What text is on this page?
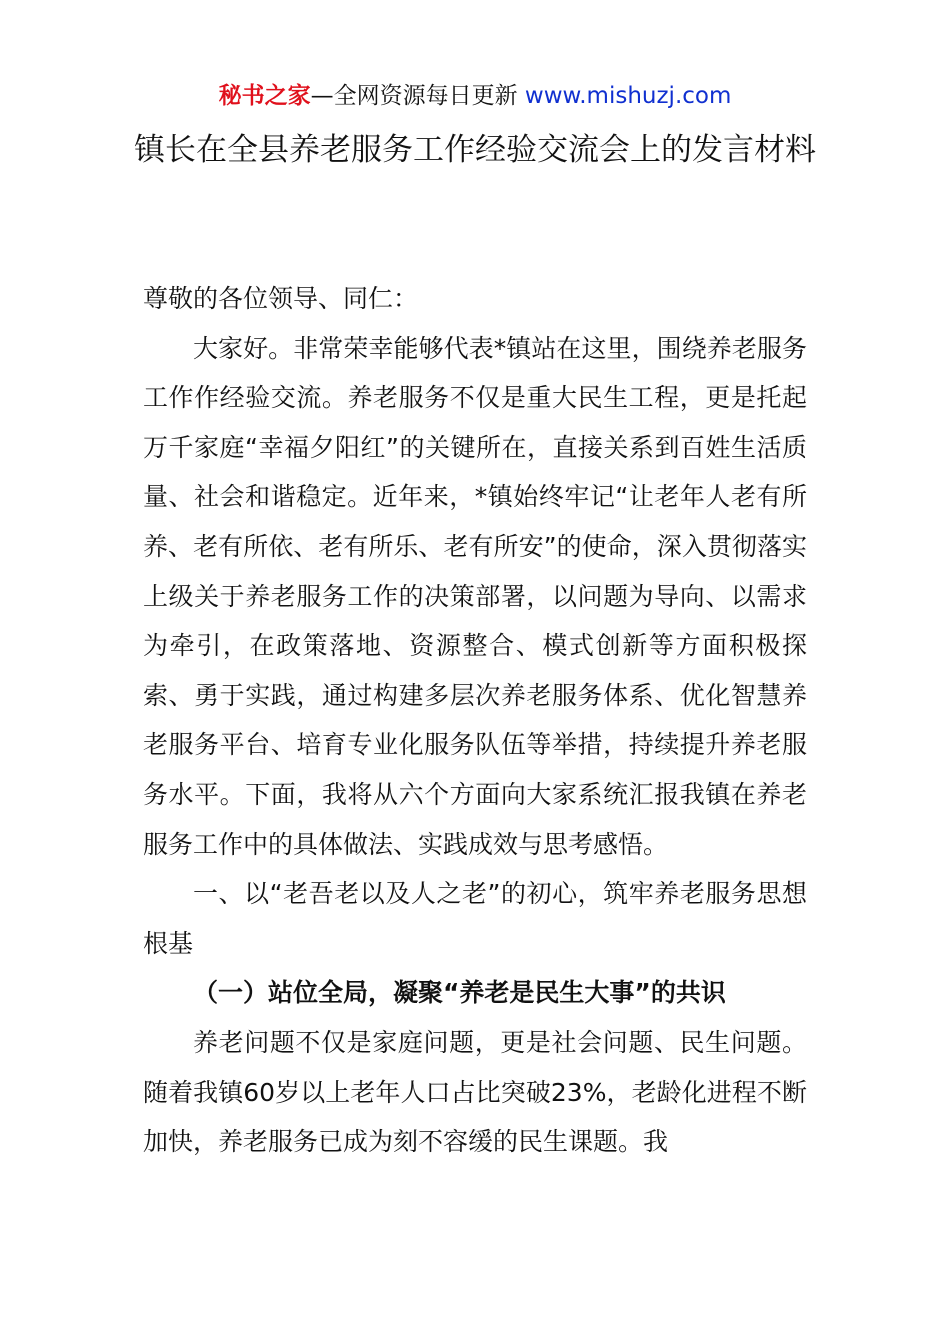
秘书之家—全网资源每日更新 www.mishuzj.com
镇长在全县养老服务工作经验交流会上的发言材料

尊敬的各位领导、同仁：

大家好。非常荣幸能够代表*镇站在这里，围绕养老服务工作作经验交流。养老服务不仅是重大民生工程，更是托起万千家庭“幸福夕阳红”的关键所在，直接关系到百姓生活质量、社会和谐稳定。近年来，*镇始终牢记“让老年人老有所养、老有所依、老有所乐、老有所安”的使命，深入贯彻落实上级关于养老服务工作的决策部署，以问题为导向、以需求为牵引，在政策落地、资源整合、模式创新等方面积极探索、勇于实践，通过构建多层次养老服务体系、优化智慧养老服务平台、培育专业化服务队伍等举措，持续提升养老服务水平。下面，我将从六个方面向大家系统汇报我镇在养老服务工作中的具体做法、实践成效与思考感悟。

一、以“老吾老以及人之老”的初心，筑牢养老服务思想根基

（一）站位全局，凝聚“养老是民生大事”的共识

养老问题不仅是家庭问题，更是社会问题、民生问题。随着我镇60岁以上老年人口占比突破23%，老龄化进程不断加快，养老服务已成为刻不容缓的民生课题。我
